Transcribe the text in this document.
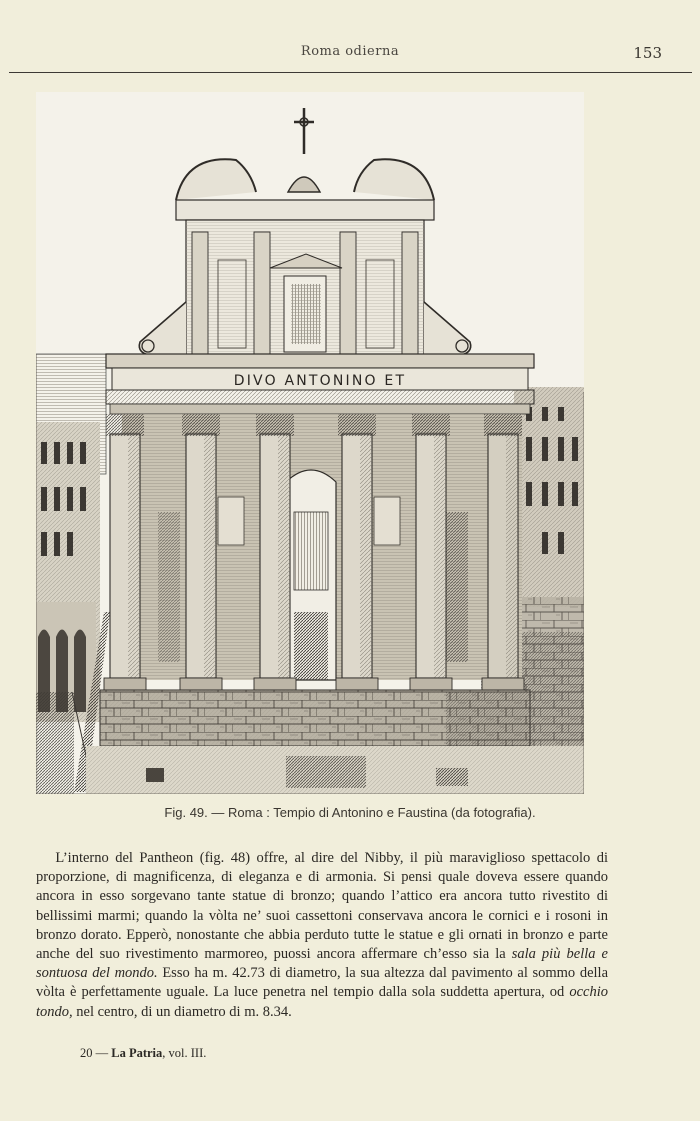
Roma odierna	153
DIVO ANTONINO ET
Fig. 49. — Roma : Tempio di Antonino e Faustina (da fotografia).

L’interno del Pantheon (fig. 48) offre, al dire del Nibby, il più maraviglioso spettacolo di proporzione, di magnificenza, di eleganza e di armonia. Si pensi quale doveva essere quando ancora in esso sorgevano tante statue di bronzo; quando l’attico era ancora tutto rivestito di bellissimi marmi; quando la vòlta ne’ suoi cassettoni conservava ancora le cornici e i rosoni in bronzo dorato. Epperò, nonostante che abbia perduto tutte le statue e gli ornati in bronzo e parte anche del suo rivestimento marmoreo, puossi ancora affermare ch’esso sia la sala più bella e sontuosa del mondo. Esso ha m. 42.73 di diametro, la sua altezza dal pavimento al sommo della vòlta è perfettamente uguale. La luce penetra nel tempio dalla sola suddetta apertura, od occhio tondo, nel centro, di un diametro di m. 8.34.

20 — La Patria, vol. III.
